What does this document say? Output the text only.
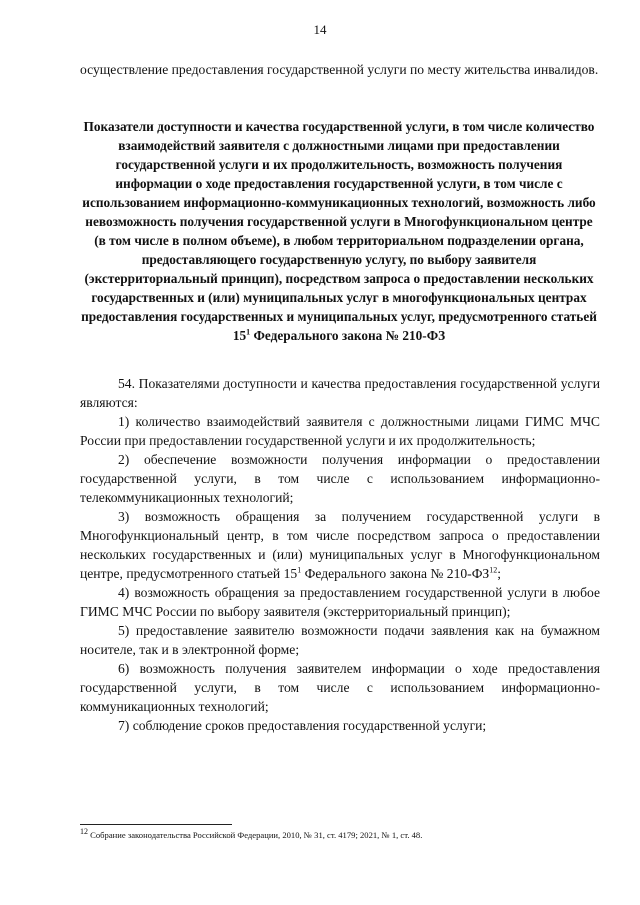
14
осуществление предоставления государственной услуги по месту жительства инвалидов.
Показатели доступности и качества государственной услуги, в том числе количество взаимодействий заявителя с должностными лицами при предоставлении государственной услуги и их продолжительность, возможность получения информации о ходе предоставления государственной услуги, в том числе с использованием информационно-коммуникационных технологий, возможность либо невозможность получения государственной услуги в Многофункциональном центре (в том числе в полном объеме), в любом территориальном подразделении органа, предоставляющего государственную услугу, по выбору заявителя (экстерриториальный принцип), посредством запроса о предоставлении нескольких государственных и (или) муниципальных услуг в многофункциональных центрах предоставления государственных и муниципальных услуг, предусмотренного статьей $15^1$ Федерального закона № 210-ФЗ

54. Показателями доступности и качества предоставления государственной услуги являются:

1) количество взаимодействий заявителя с должностными лицами ГИМС МЧС России при предоставлении государственной услуги и их продолжительность;

2) обеспечение возможности получения информации о предоставлении государственной услуги, в том числе с использованием информационно-телекоммуникационных технологий;

3) возможность обращения за получением государственной услуги в Многофункциональный центр, в том числе посредством запроса о предоставлении нескольких государственных и (или) муниципальных услуг в Многофункциональном центре, предусмотренного статьей $15^1$ Федерального закона № 210-ФЗ$^{12}$;

4) возможность обращения за предоставлением государственной услуги в любое ГИМС МЧС России по выбору заявителя (экстерриториальный принцип);

5) предоставление заявителю возможности подачи заявления как на бумажном носителе, так и в электронной форме;

6) возможность получения заявителем информации о ходе предоставления государственной услуги, в том числе с использованием информационно-коммуникационных технологий;

7) соблюдение сроков предоставления государственной услуги;

$^{12}$ Собрание законодательства Российской Федерации, 2010, № 31, ст. 4179; 2021, № 1, ст. 48.
